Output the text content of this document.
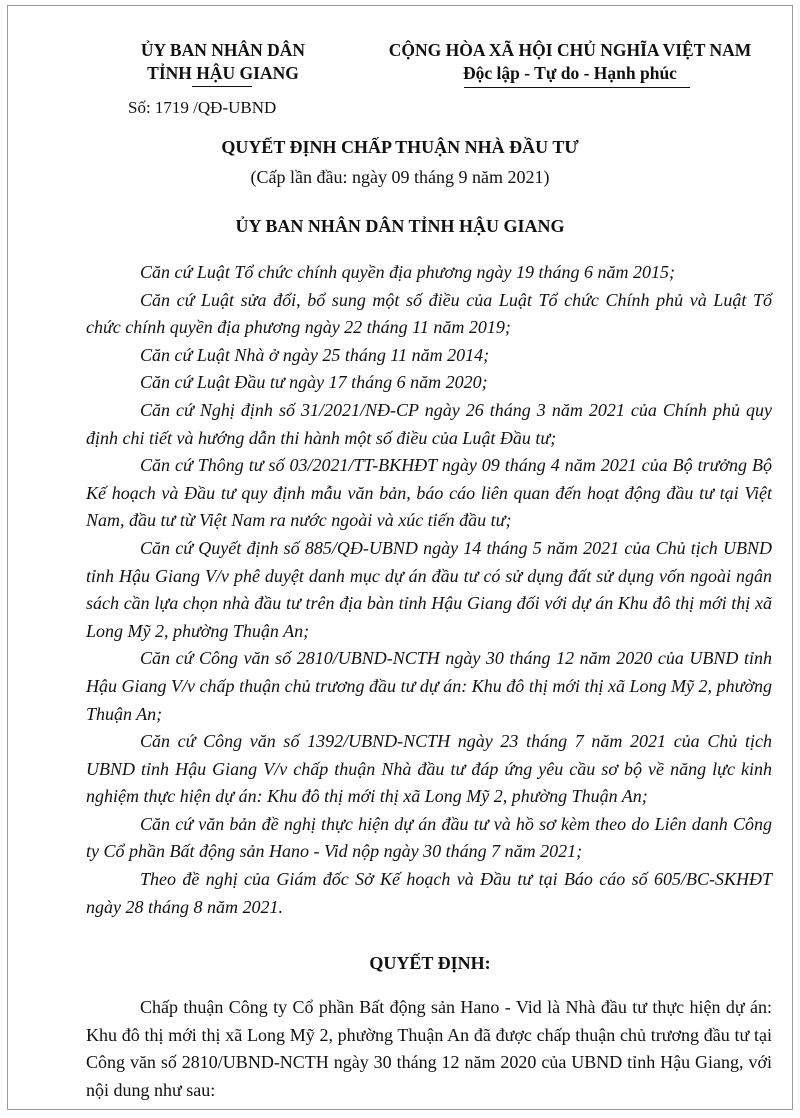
ỦY BAN NHÂN DÂN
TỈNH HẬU GIANG
Số: 1719 /QĐ-UBND
CỘNG HÒA XÃ HỘI CHỦ NGHĨA VIỆT NAM
Độc lập - Tự do - Hạnh phúc
QUYẾT ĐỊNH CHẤP THUẬN NHÀ ĐẦU TƯ
(Cấp lần đầu: ngày 09 tháng 9 năm 2021)
ỦY BAN NHÂN DÂN TỈNH HẬU GIANG

Căn cứ Luật Tổ chức chính quyền địa phương ngày 19 tháng 6 năm 2015;

Căn cứ Luật sửa đổi, bổ sung một số điều của Luật Tổ chức Chính phủ và Luật Tổ chức chính quyền địa phương ngày 22 tháng 11 năm 2019;

Căn cứ Luật Nhà ở ngày 25 tháng 11 năm 2014;

Căn cứ Luật Đầu tư ngày 17 tháng 6 năm 2020;

Căn cứ Nghị định số 31/2021/NĐ-CP ngày 26 tháng 3 năm 2021 của Chính phủ quy định chi tiết và hướng dẫn thi hành một số điều của Luật Đầu tư;

Căn cứ Thông tư số 03/2021/TT-BKHĐT ngày 09 tháng 4 năm 2021 của Bộ trưởng Bộ Kế hoạch và Đầu tư quy định mẫu văn bản, báo cáo liên quan đến hoạt động đầu tư tại Việt Nam, đầu tư từ Việt Nam ra nước ngoài và xúc tiến đầu tư;

Căn cứ Quyết định số 885/QĐ-UBND ngày 14 tháng 5 năm 2021 của Chủ tịch UBND tỉnh Hậu Giang V/v phê duyệt danh mục dự án đầu tư có sử dụng đất sử dụng vốn ngoài ngân sách cần lựa chọn nhà đầu tư trên địa bàn tỉnh Hậu Giang đối với dự án Khu đô thị mới thị xã Long Mỹ 2, phường Thuận An;

Căn cứ Công văn số 2810/UBND-NCTH ngày 30 tháng 12 năm 2020 của UBND tỉnh Hậu Giang V/v chấp thuận chủ trương đầu tư dự án: Khu đô thị mới thị xã Long Mỹ 2, phường Thuận An;

Căn cứ Công văn số 1392/UBND-NCTH ngày 23 tháng 7 năm 2021 của Chủ tịch UBND tỉnh Hậu Giang V/v chấp thuận Nhà đầu tư đáp ứng yêu cầu sơ bộ về năng lực kinh nghiệm thực hiện dự án: Khu đô thị mới thị xã Long Mỹ 2, phường Thuận An;

Căn cứ văn bản đề nghị thực hiện dự án đầu tư và hồ sơ kèm theo do Liên danh Công ty Cổ phần Bất động sản Hano - Vid nộp ngày 30 tháng 7 năm 2021;

Theo đề nghị của Giám đốc Sở Kế hoạch và Đầu tư tại Báo cáo số 605/BC-SKHĐT ngày 28 tháng 8 năm 2021.

QUYẾT ĐỊNH:

Chấp thuận Công ty Cổ phần Bất động sản Hano - Vid là Nhà đầu tư thực hiện dự án: Khu đô thị mới thị xã Long Mỹ 2, phường Thuận An đã được chấp thuận chủ trương đầu tư tại Công văn số 2810/UBND-NCTH ngày 30 tháng 12 năm 2020 của UBND tỉnh Hậu Giang, với nội dung như sau:
